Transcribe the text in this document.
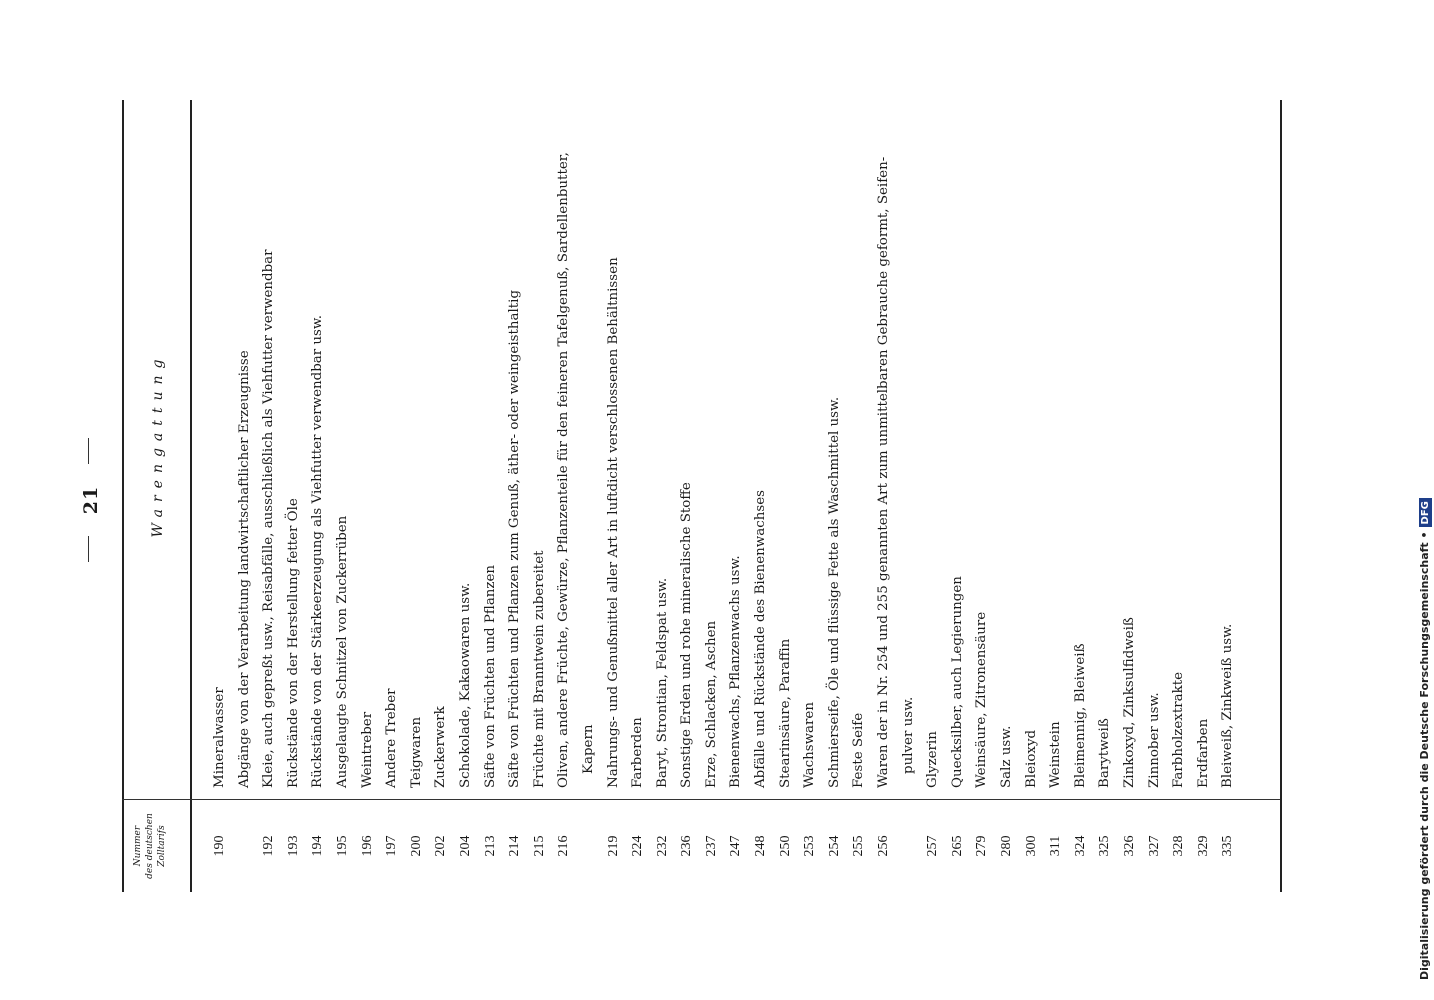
21
Nummer des deutschen Zolltarifs
Warengattung
190
Mineralwasser Abgänge von der Verarbeitung landwirtschaftlicher Erzeugnisse
192
Kleie, auch gepreßt usw., Reisabfälle, ausschließlich als Viehfutter verwendbar
193
Rückstände von der Herstellung fetter Öle
194
Rückstände von der Stärkeerzeugung als Viehfutter verwendbar usw.
195
Ausgelaugte Schnitzel von Zuckerrüben
196
Weintreber
197
Andere Treber
200
Teigwaren
202
Zuckerwerk
204
Schokolade, Kakaowaren usw.
213
Säfte von Früchten und Pflanzen
214
Säfte von Früchten und Pflanzen zum Genuß, äther- oder weingeisthaltig
215
Früchte mit Branntwein zubereitet
216
Oliven, andere Früchte, Gewürze, Pflanzenteile für den feineren Tafelgenuß, Sardellenbutter, Kapern
219
Nahrungs- und Genußmittel aller Art in luftdicht verschlossenen Behältnissen
224
Farberden
232
Baryt, Strontian, Feldspat usw.
236
Sonstige Erden und rohe mineralische Stoffe
237
Erze, Schlacken, Aschen
247
Bienenwachs, Pflanzenwachs usw.
248
Abfälle und Rückstände des Bienenwachses
250
Stearinsäure, Paraffin
253
Wachswaren
254
Schmierseife, Öle und flüssige Fette als Waschmittel usw.
255
Feste Seife
256
Waren der in Nr. 254 und 255 genannten Art zum unmittelbaren Gebrauche geformt, Seifen- pulver usw.
257
Glyzerin
265
Quecksilber, auch Legierungen
279
Weinsäure, Zitronensäure
280
Salz usw.
300
Bleioxyd
311
Weinstein
324
Bleimennig, Bleiweiß
325
Barytweiß
326
Zinkoxyd, Zinksulfidweiß
327
Zinnober usw.
328
Farbholzextrakte
329
Erdfarben
335
Bleiweiß, Zinkweiß usw.	Digitalisierung gefördert durch die Deutsche Forschungsgemeinschaft •
DFG
